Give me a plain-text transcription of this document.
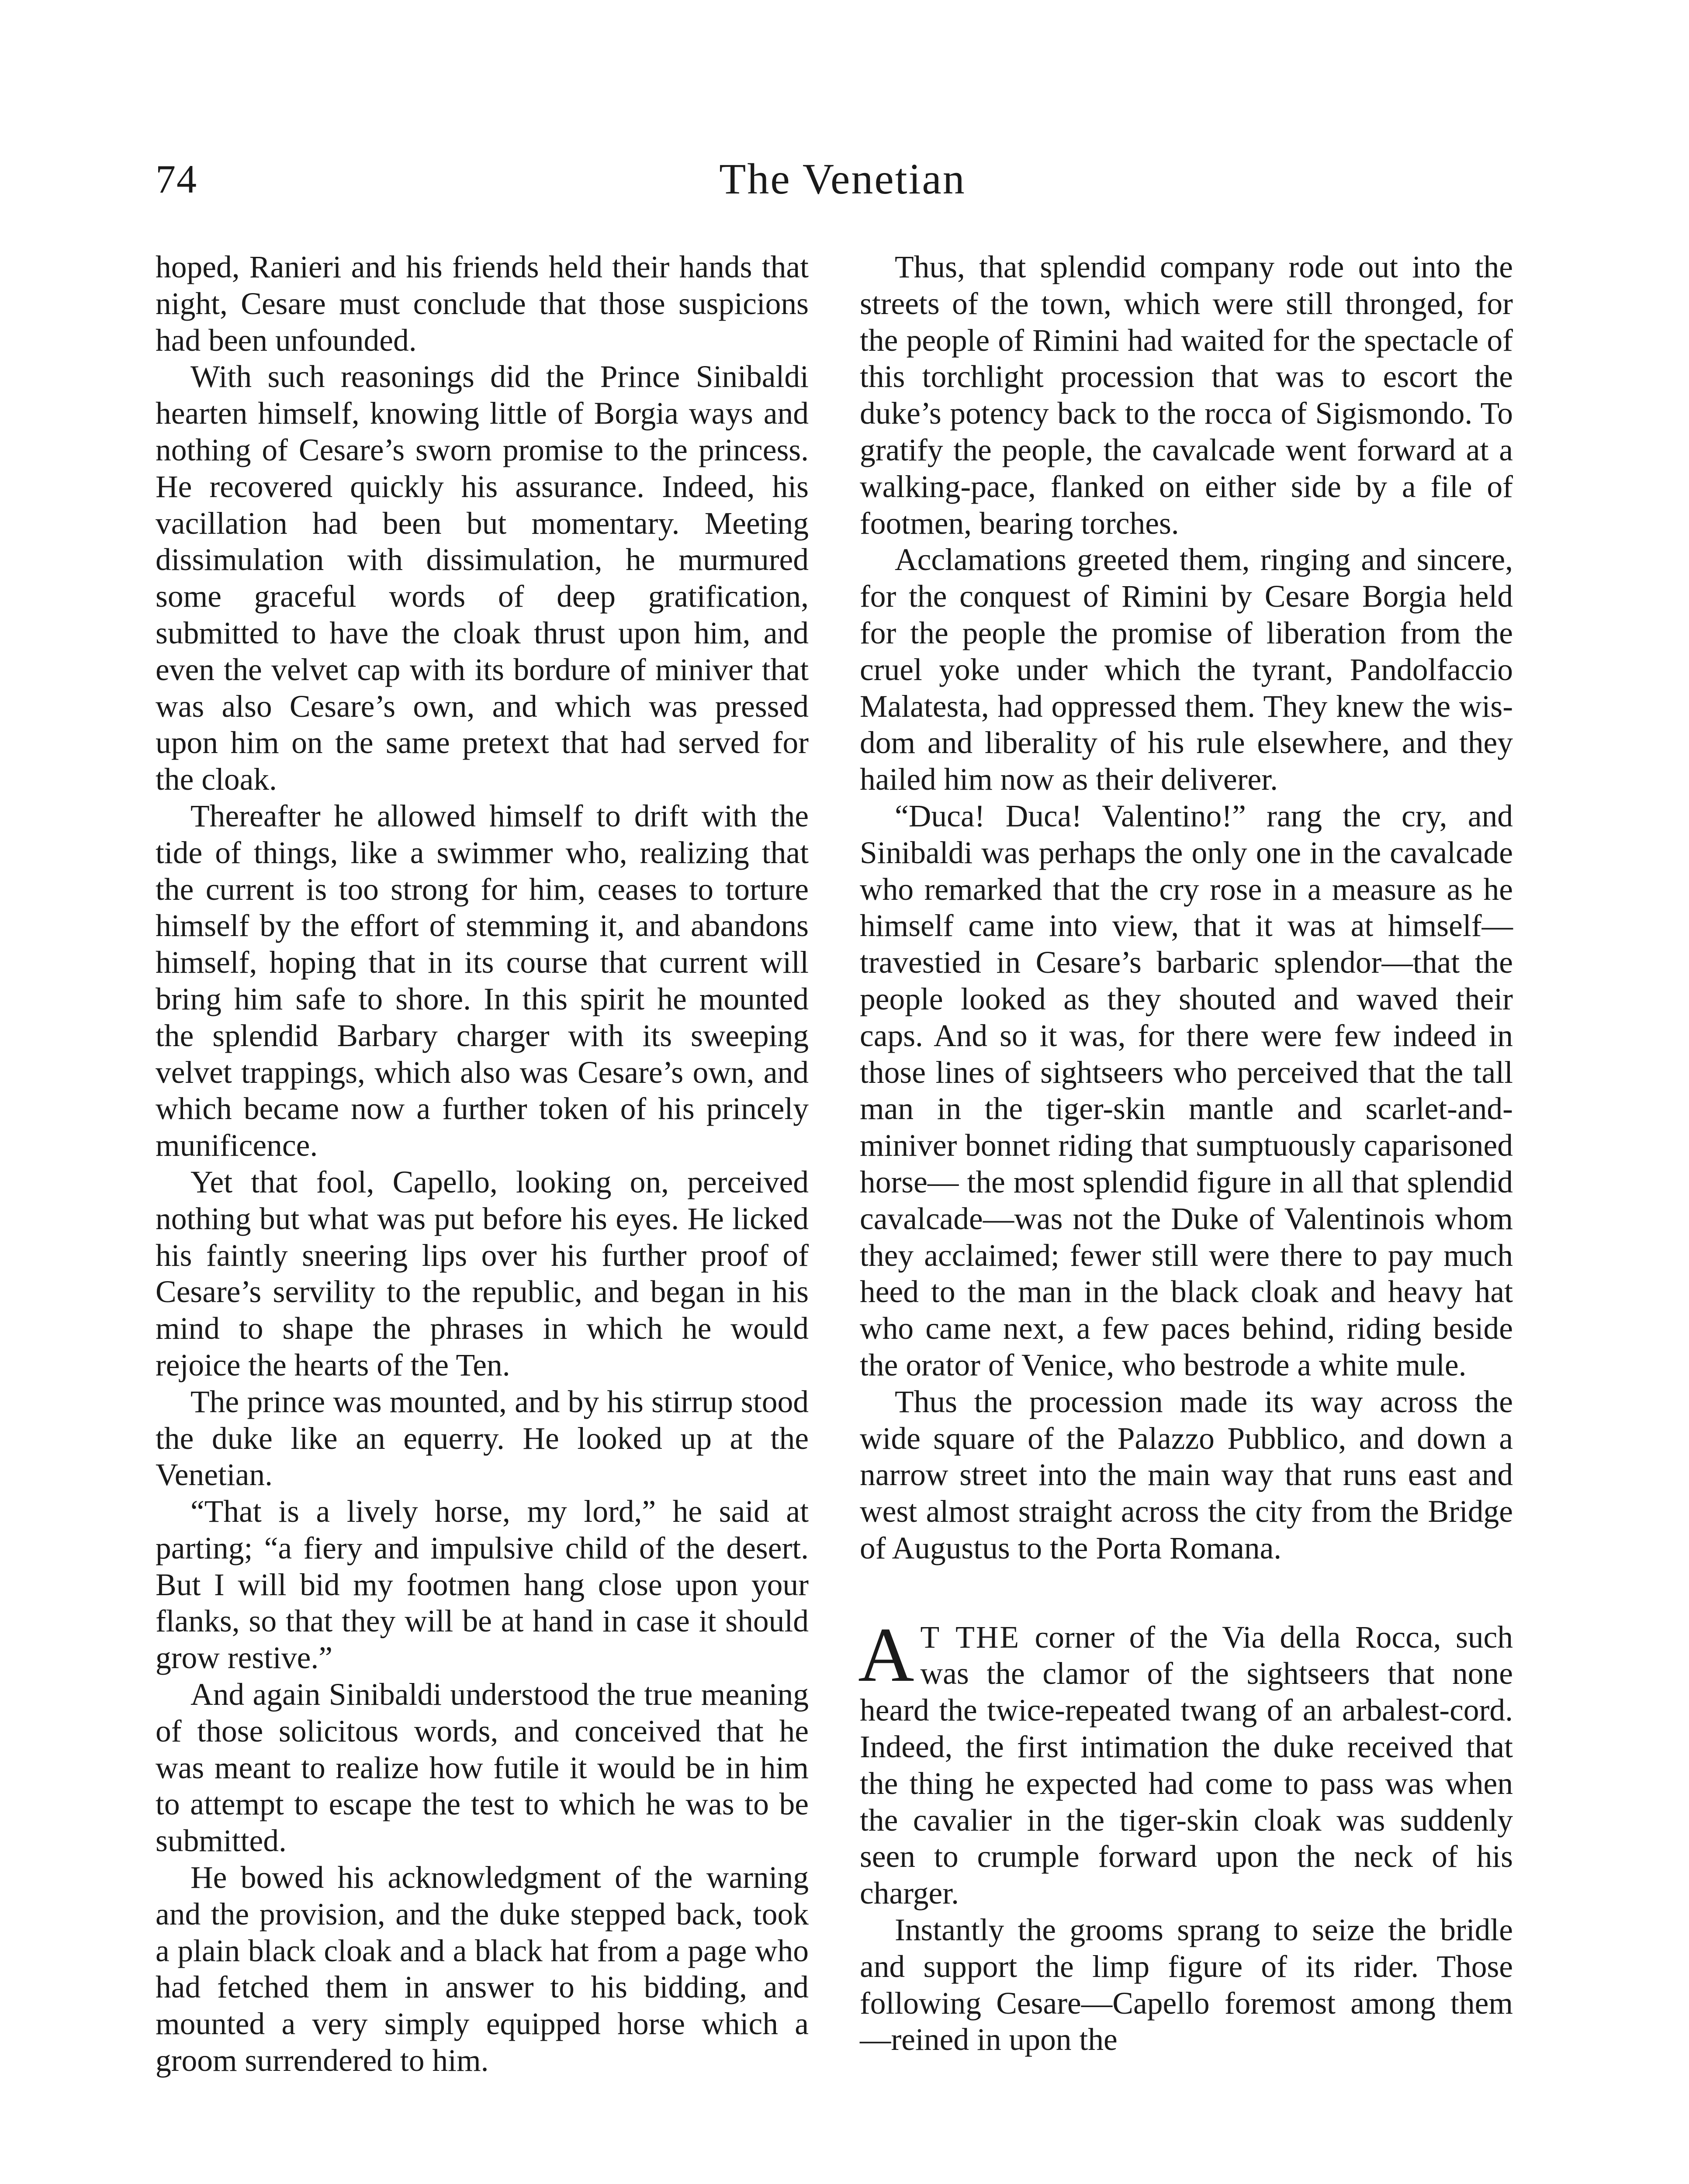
74	The Venetian

hoped, Ranieri and his friends held their hands that night, Cesare must conclude that those suspicions had been unfounded.

With such reasonings did the Prince Sinibaldi hearten himself, knowing little of Borgia ways and nothing of Cesare’s sworn promise to the princess. He recovered quickly his assurance. Indeed, his vacillation had been but momentary. Meeting dissimulation with dissimulation, he murmured some graceful words of deep gratification, submitted to have the cloak thrust upon him, and even the velvet cap with its bordure of miniver that was also Cesare’s own, and which was pressed upon him on the same pretext that had served for the cloak.

Thereafter he allowed himself to drift with the tide of things, like a swimmer who, realizing that the current is too strong for him, ceases to torture himself by the effort of stemming it, and abandons himself, hoping that in its course that current will bring him safe to shore. In this spirit he mounted the splendid Barbary charger with its sweeping velvet trappings, which also was Cesare’s own, and which became now a further token of his princely munificence.

Yet that fool, Capello, looking on, perceived nothing but what was put before his eyes. He licked his faintly sneering lips over his further proof of Cesare’s servility to the republic, and began in his mind to shape the phrases in which he would rejoice the hearts of the Ten.

The prince was mounted, and by his stirrup stood the duke like an equerry. He looked up at the Venetian.

“That is a lively horse, my lord,” he said at parting; “a fiery and impulsive child of the desert. But I will bid my footmen hang close upon your flanks, so that they will be at hand in case it should grow restive.”

And again Sinibaldi understood the true meaning of those solicitous words, and conceived that he was meant to realize how futile it would be in him to attempt to escape the test to which he was to be submitted.

He bowed his acknowledgment of the warning and the provision, and the duke stepped back, took a plain black cloak and a black hat from a page who had fetched them in answer to his bidding, and mounted a very simply equipped horse which a groom surrendered to him.

Thus, that splendid company rode out into the streets of the town, which were still thronged, for the people of Rimini had waited for the spectacle of this torchlight procession that was to escort the duke’s potency back to the rocca of Sigismondo. To gratify the people, the cavalcade went forward at a walking-pace, flanked on either side by a file of footmen, bearing torches.

Acclamations greeted them, ringing and sincere, for the conquest of Rimini by Cesare Borgia held for the people the promise of liberation from the cruel yoke under which the tyrant, Pandolfaccio Malatesta, had oppressed them. They knew the wisdom and liberality of his rule elsewhere, and they hailed him now as their deliverer.

“Duca! Duca! Valentino!” rang the cry, and Sinibaldi was perhaps the only one in the cavalcade who remarked that the cry rose in a measure as he himself came into view, that it was at himself—travestied in Cesare’s barbaric splendor—that the people looked as they shouted and waved their caps. And so it was, for there were few indeed in those lines of sightseers who perceived that the tall man in the tiger-skin mantle and scarlet-and-miniver bonnet riding that sumptuously caparisoned horse— the most splendid figure in all that splendid cavalcade—was not the Duke of Valentinois whom they acclaimed; fewer still were there to pay much heed to the man in the black cloak and heavy hat who came next, a few paces behind, riding beside the orator of Venice, who bestrode a white mule.

Thus the procession made its way across the wide square of the Palazzo Pubblico, and down a narrow street into the main way that runs east and west almost straight across the city from the Bridge of Augustus to the Porta Romana.

A T THE corner of the Via della Rocca, such was the clamor of the sightseers that none heard the twice-repeated twang of an arbalest-cord. Indeed, the first intimation the duke received that the thing he expected had come to pass was when the cavalier in the tiger-skin cloak was suddenly seen to crumple forward upon the neck of his charger.

Instantly the grooms sprang to seize the bridle and support the limp figure of its rider. Those following Cesare—Capello foremost among them—reined in upon the
